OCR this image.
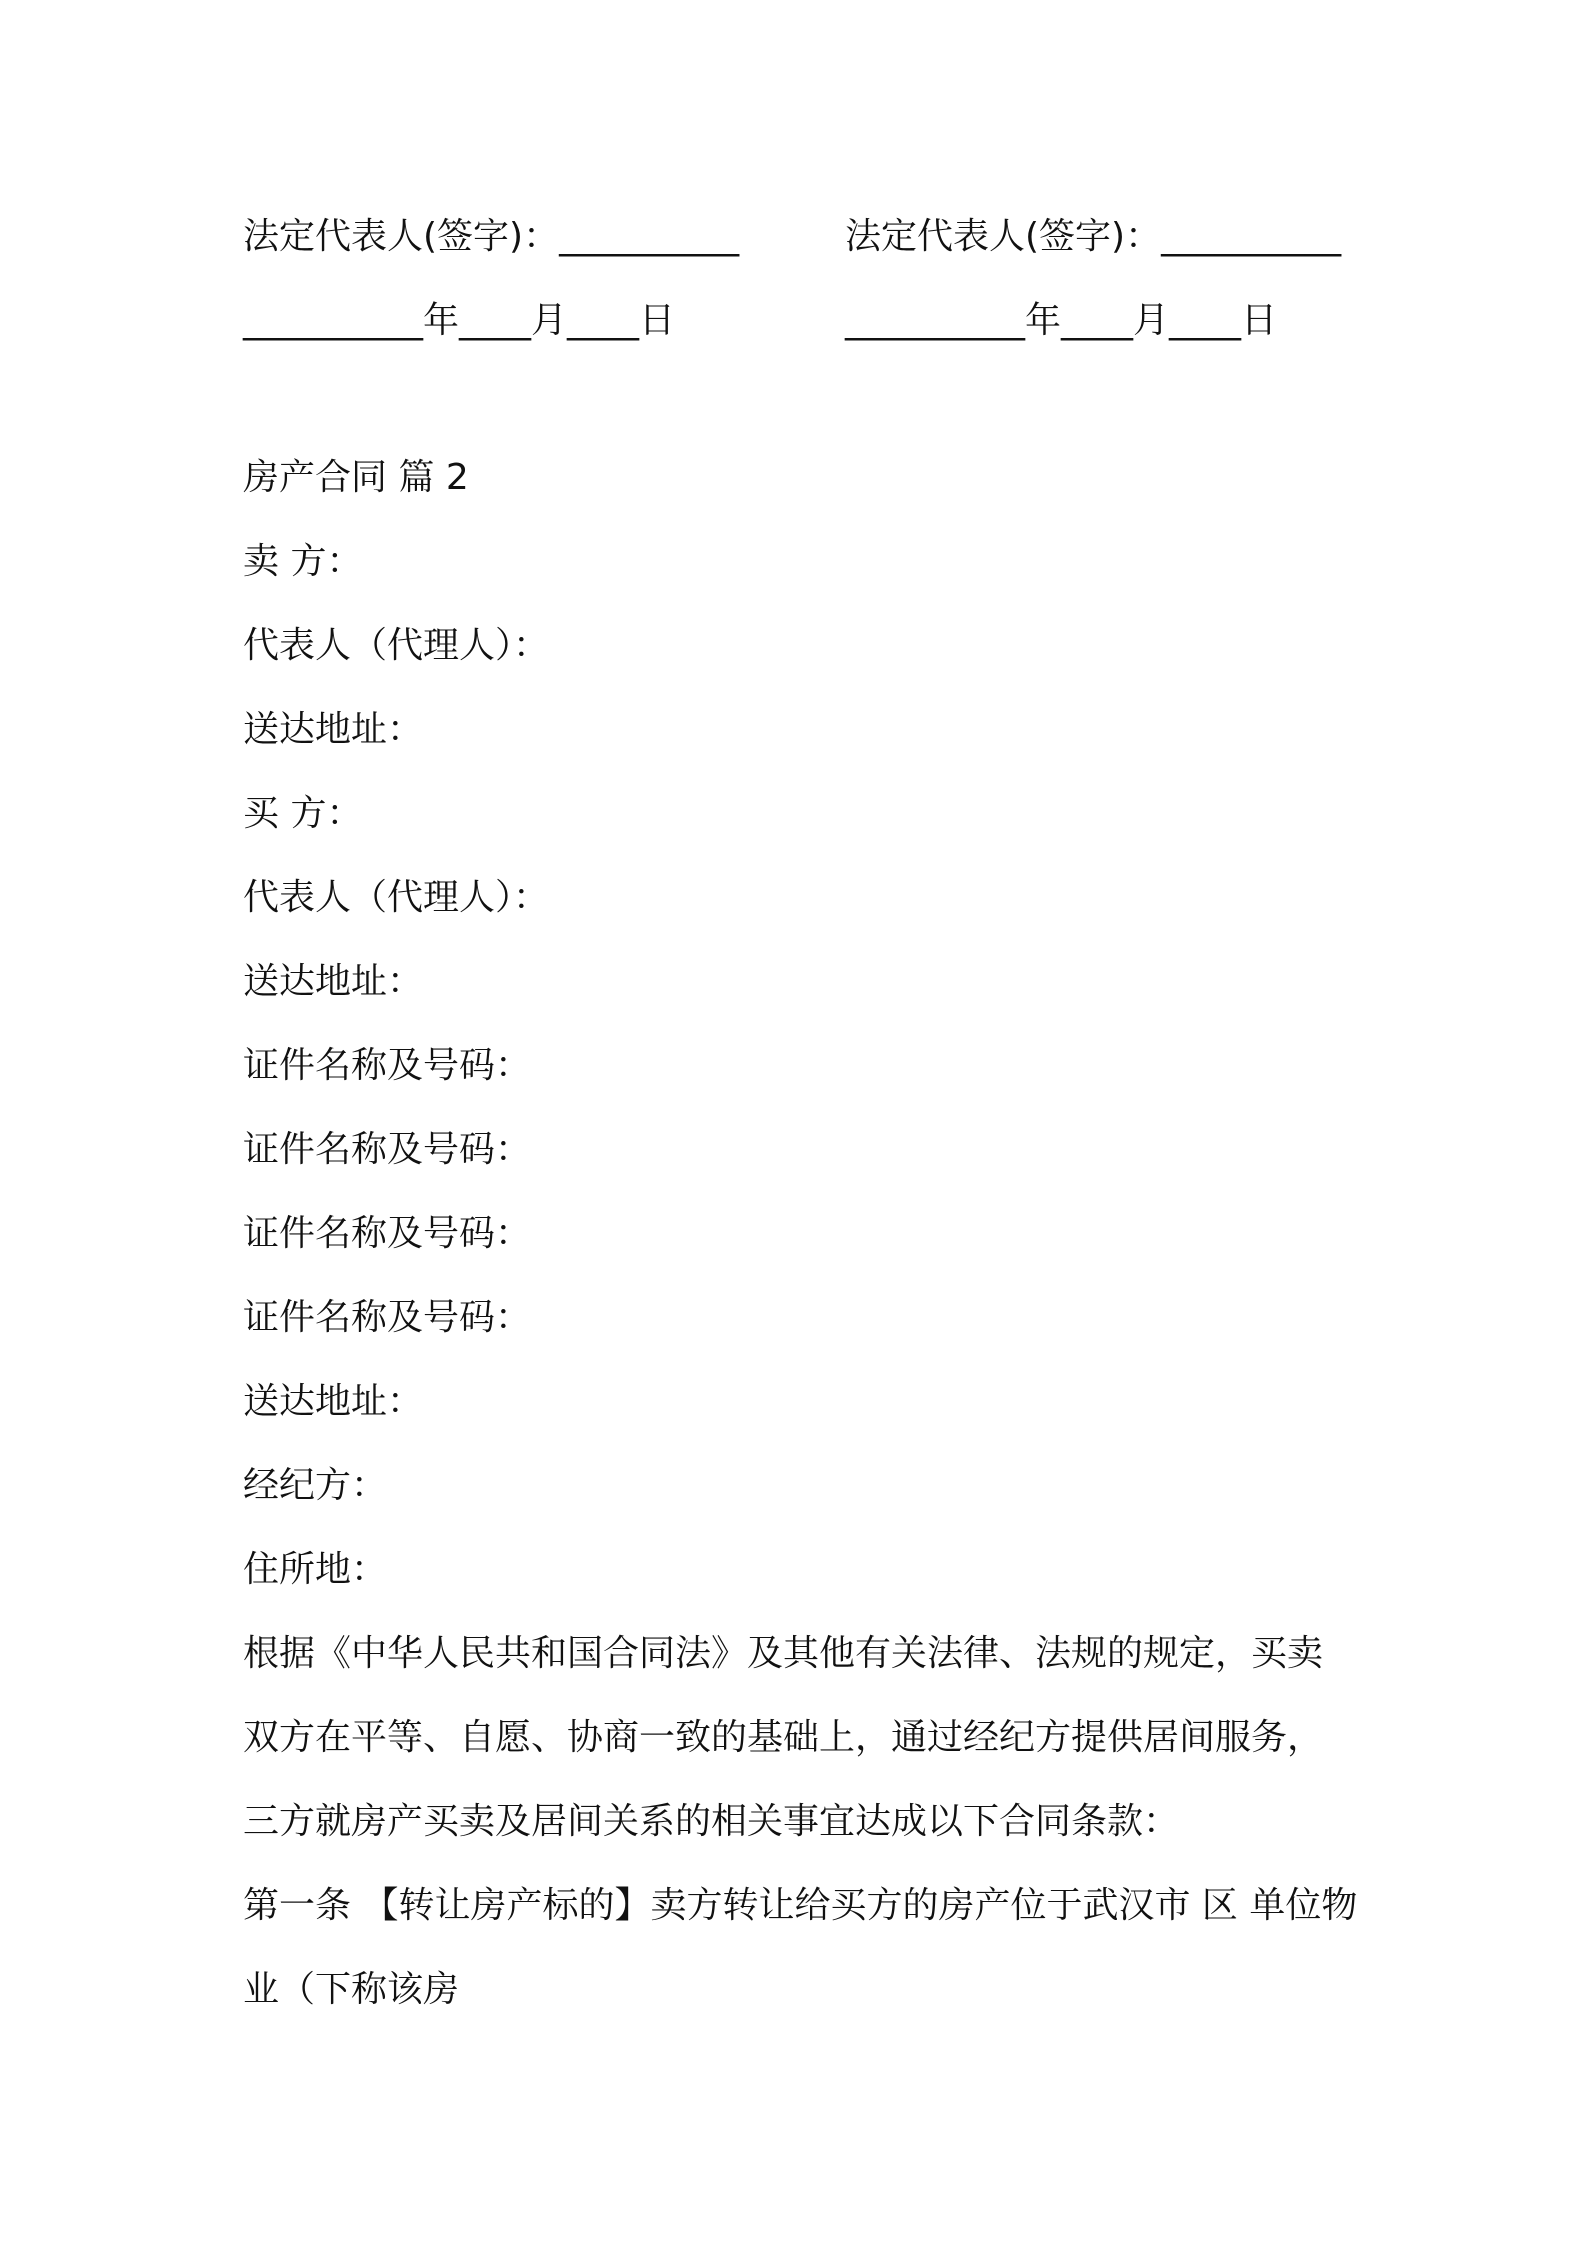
法定代表人(签字)：__________
__________年____月____日
法定代表人(签字)：__________
__________年____月____日
房产合同 篇 2
卖 方：
代表人（代理人）：
送达地址：
买 方：
代表人（代理人）：
送达地址：
证件名称及号码：
证件名称及号码：
证件名称及号码：
证件名称及号码：
送达地址：
经纪方：
住所地：
根据《中华人民共和国合同法》及其他有关法律、法规的规定，买卖双方在平等、自愿、协商一致的基础上，通过经纪方提供居间服务，三方就房产买卖及居间关系的相关事宜达成以下合同条款：
第一条 【转让房产标的】卖方转让给买方的房产位于武汉市 区 单位物业（下称该房
